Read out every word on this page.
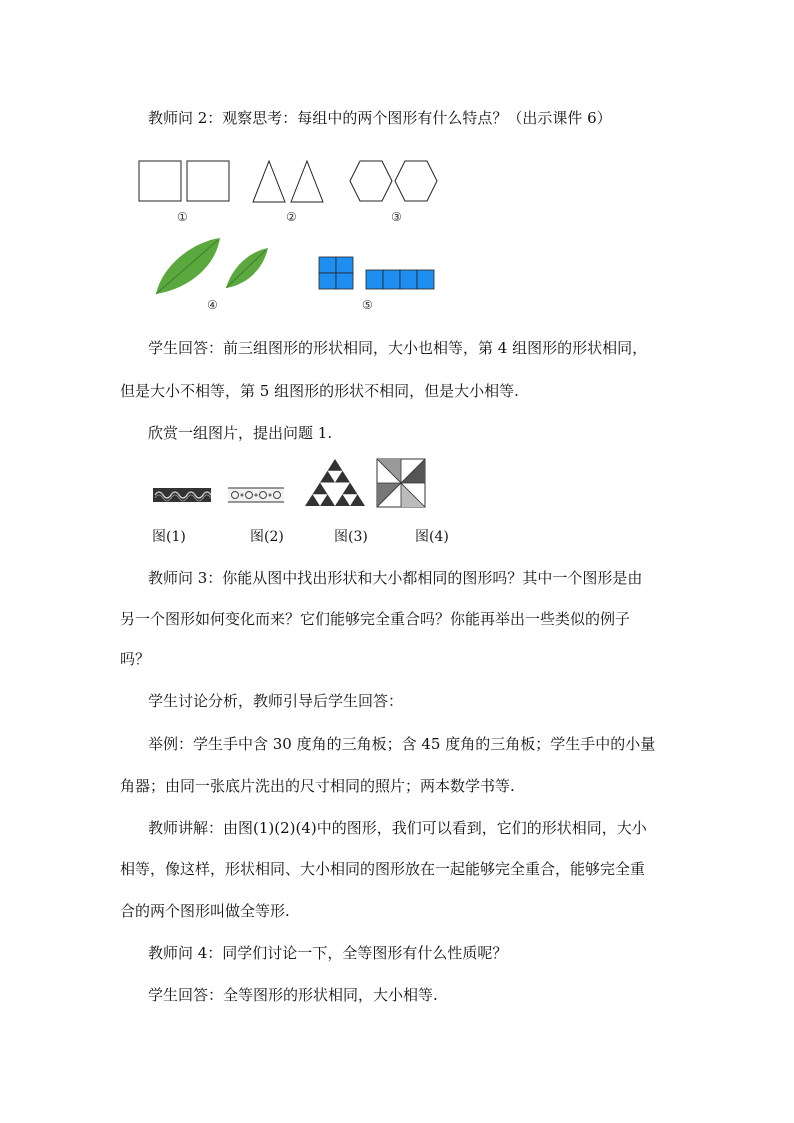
教师问 2：观察思考：每组中的两个图形有什么特点？（出示课件 6）
①	②	③
④	⑤
学生回答：前三组图形的形状相同，大小也相等，第 4 组图形的形状相同，
但是大小不相等，第 5 组图形的形状不相同，但是大小相等.
欣赏一组图片，提出问题 1.
图(1)	图(2)	图(3)	图(4)
教师问 3：你能从图中找出形状和大小都相同的图形吗？其中一个图形是由
另一个图形如何变化而来？它们能够完全重合吗？你能再举出一些类似的例子
吗？
学生讨论分析，教师引导后学生回答：
举例：学生手中含 30 度角的三角板；含 45 度角的三角板；学生手中的小量
角器；由同一张底片洗出的尺寸相同的照片；两本数学书等.
教师讲解：由图(1)(2)(4)中的图形，我们可以看到，它们的形状相同，大小
相等，像这样，形状相同、大小相同的图形放在一起能够完全重合，能够完全重
合的两个图形叫做全等形.
教师问 4：同学们讨论一下，全等图形有什么性质呢？
学生回答：全等图形的形状相同，大小相等.
